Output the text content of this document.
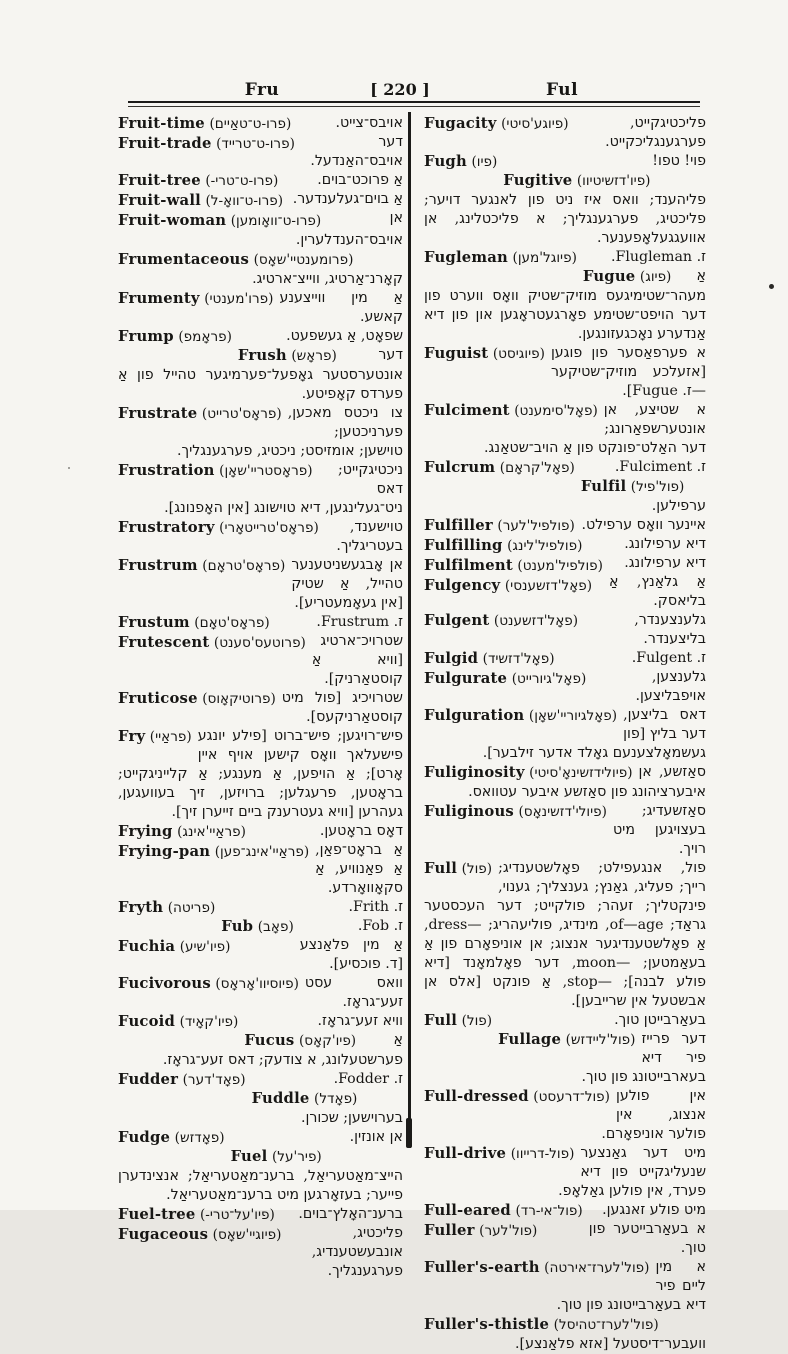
Fru	[ 220 ]	Ful
Fruit-time (פרו-ט־טאַיים)	אויבס־צייט.
Fruit-trade (פרו-ט־טרייד)	דער אויבס־האַנדעל.
Fruit-tree (פרו-ט־טרי-)	אַ פרוכט־בוים.
Fruit-wall (פרו-ט־וואָ-ל) אַ בוים־געלענדער.
Fruit-woman (פרו-ט־וואָומען)	אן אויבס־הענדלערין.
Frumentaceous (פרומענטיי'שאָס)
קאָרנ־אַרטיג, ווייצ־ארטיג.
Frumenty (פרו'מענטי) אַ מין ווייצענע קאשע.
Frump (פראָמפ)	שפאָט, אַ געשפעט.
Frush (פראָש)	דער אונטערסטער גאָפעל־פערמיגער טהייל פון אַ פערדס קאָפיטע.
Frustrate (פראָס'טרייט) צו ניכטס מאכען, פערניכטען; טוישען; אומזיסט; ניכטיג, פערגענגליך.
Frustration (פראָסטריי'שאָן)	ניכטיגקייט; דאס ניט־געלינגען, דיא טוישונג [אין האָפנונג].
Frustratory (פראָס'טרייטאָרי)	טוישענד, בעטריגליך.
Frustrum (פראָס'טראָם) אן אָבגעשניטענער טהייל, אַ שטיק [אין געאָמעטריע].
Frustum (פראָס'טאָם)	ז. Frustrum.
Frutescent (פרוטעס'סענט)	שטרויכ־ארטיג [וויא אַ קוסטאַרניק].
Fruticose (פרוטיקאָוס) שטרויכיג [פול מיט קוסטאַרניקעס].
Fry (פראַיי) פיש־רויגען; פיש־ברוט [פילע יונגע פישעלאך וואָס קישען אויף איין אָרט]; אַ הויפען, אַ מענגע; אַ קלייניגקייט; בראָטען, פרעגלען; ברויזען, זיך בעוועגען, געהרען [וויא געטרענק ביים זייערן זיך].
Frying (פראַיי'אינג)	דאָס בראָטען.
Frying-pan (פראַיי'אינג־פען) אַ בראָט־פאַן, אַ פאַנוויע, אַ סקאָוואָרדע.
Fryth (פריטה)	ז. Frith.
Fub (פאָב)	ז. Fob.
Fuchia (פיו'שיע)	אַ מין פלאַנצע [ד. פוכסיע].
Fucivorous (פיוסיוו'אָראָס) וואס עסט זעע־גראָז.
Fucoid (פיו'קאָיד)	וויא זעע־גראָז.
Fucus (פיו'קאָס)	אַ פערשטעלונג, א צודעק; דאס זעע־גראָז.
Fudder (פאָד'דער)	ז. Fodder.
Fuddle (פאָדל)
בערוישען; שכורן.
Fudge (פאָדזש)	אן אונזין.
Fuel (פיר'על)
הייצ־מאַטעריאַל, ברענ־מאַטעריאַל; אנצינדערן פייער; בעזאָרגען מיט ברענ־מאַטעריאַל.
Fuel-tree (פיו'על־טרי-)	ברענ־האָלץ־בוים.
Fugaceous (פיוגיי'שאָס)	פליכטיג, אונבעשטענדיג, פערגענגליך.
Fugacity (פיוגע'סיטי)	פליכטיגקייט, פערגענגליכקייט.
Fugh (פיו)	פוי! טפו!
Fugitive (פיו'דזשיטיוו)
פליהענד; וואס איז ניט פון לאנגער דויער; פליכטיג, פערגענגליך; א פליכטלינג, אן אוועגגעלאָפענער.
Fugleman (פיוגל'מען)	ז. Flugleman.
Fugue (פיוג)	אַ מעהר־שטימיגעס מוזיק־שטיק וואָס ווערט פון דער הויפט־שטימע פאָרגעטראָגען און פון דיא אַנדערע נאָכגעזונגען.
Fuguist (פיוגיסט) א פערפאַסער פון פוגען [אזעלכע מוזיק־שטיקער—ז. Fugue].
Fulciment (פאָל'סימענט) א שטיצע, אן אונטערשפאַרונג; דער האַלט־פונקט פון אַ הויב־שטאַנג.
Fulcrum (פאָל'קראָם)	ז. Fulciment.
Fulfil (פול'פיל)
ערפילען.
Fulfiller (פולפיל'לער) איינער וואָס ערפילט.
Fulfilling (פולפיל'לינג)	דיא ערפילונג.
Fulfilment (פולפיל'מענט)	דיא ערפילונג.
Fulgency (פאָל'דזשענסי)	אַ גלאַנץ, אַ בליאסק.
Fulgent (פאָל'דזשענט)	גלענצענדר, בליצענדר.
Fulgid (פאָל'דזשיד)	ז. Fulgent.
Fulgurate (פאָל'גיורייט)	גלענצען, אויפבליצען.
Fulguration (פאָלגיוריי'שאָן) דאס בליצען, דער בליץ [פון געשמאָלצענעם גאָלד אדער זילבער].
Fuliginosity (פיולידזשינאָ'סיטי) סאַזשע, אן איבערציהונג פון סאַזשע איבער עטוואס.
Fuliginous (פיולי'דזשינאָס)	סאַזשעדיג; בעצויגען מיט רויך.
Full (פול) פול, אנגעפילט; פאָלשטענדיג; רייך; פעליג, גאַנץ; גענצליך; גענוי, פינקטליך; זעהר; פולקייט; דער העכסטער גראַד; of—age, מינדיג, פוליעהריג; —dress, אַ פאָלשטענדיגער אנצוג; אן אוניפאָרם פון אַ בעאַמטען; —moon, דער פאָלמאָנד [דיא פולע לבנה]; —stop, אַ פונקט [אלס אן אבשטעל אין שרייבען].
Full (פול)	בעאַרבייטן טוך.
Fullage (פול'ליידזש) דער פרייז פיר דיא בעארבייטונג פון טוך.
Full-dressed (פול־דרעסט) אין פולען אנצוג, אין פולער אוניפאָרם.
Full-drive (פול-דרייוו) מיט דער גאַנצער שנעליגקייט פון דיא פערד, אין פולען גאַלאָפ.
Full-eared (פול־אי-רד)	מיט פולע זאנגען.
Fuller (פול'לער)	א בעאַרבייטער פון טוך.
Fuller's-earth (פול'לערז־אירטה) א מין ליים פיר דיא בעאַרבייטונג פון טוך.
Fuller's-thistle (פול'לערז־טהיסל)
וועבער־דיסטעל [אזא פלאַנצע].
